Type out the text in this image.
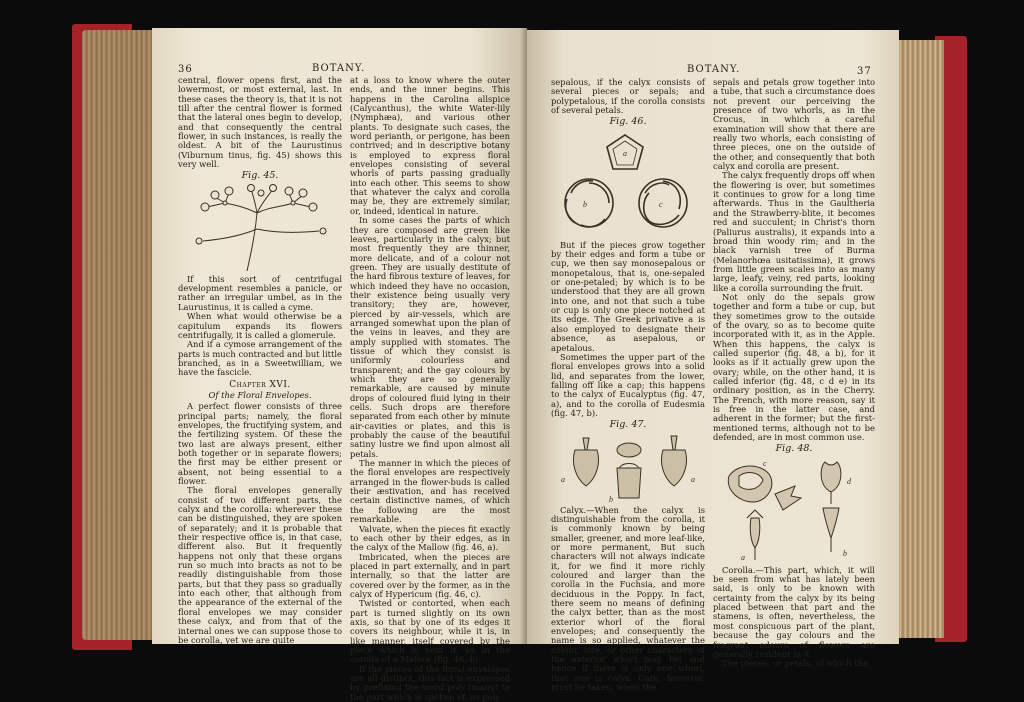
36	BOTANY.

central, flower opens first, and the lowermost, or most external, last. In these cases the theory is, that it is not till after the central flower is formed that the lateral ones begin to develop, and that consequently the central flower, in such instances, is really the oldest. A bit of the Laurustinus (Viburnum tinus, fig. 45) shows this very well.

Fig. 45.

If this sort of centrifugal development resembles a panicle, or rather an irregular umbel, as in the Laurustinus, it is called a cyme.

When what would otherwise be a capitulum expands its flowers centrifugally, it is called a glomerule.

And if a cymose arrangement of the parts is much contracted and but little branched, as in a Sweetwilliam, we have the fascicle.

Chapter XVI.
Of the Floral Envelopes.

A perfect flower consists of three principal parts; namely, the floral envelopes, the fructifying system, and the fertilizing system. Of these the two last are always present, either both together or in separate flowers; the first may be either present or absent, not being essential to a flower.

The floral envelopes generally consist of two different parts, the calyx and the corolla: wherever these can be distinguished, they are spoken of separately; and it is probable that their respective office is, in that case, different also. But it frequently happens not only that these organs run so much into bracts as not to be readily distinguishable from those parts, but that they pass so gradually into each other, that although from the appearance of the external of the floral envelopes we may consider these calyx, and from that of the internal ones we can suppose those to be corolla, yet we are quite

at a loss to know where the outer ends, and the inner begins. This happens in the Carolina allspice (Calycanthus), the white Water-lily (Nymphæa), and various other plants. To designate such cases, the word perianth, or perigone, has been contrived; and in descriptive botany is employed to express floral envelopes consisting of several whorls of parts passing gradually into each other. This seems to show that whatever the calyx and corolla may be, they are extremely similar, or, indeed, identical in nature.

In some cases the parts of which they are composed are green like leaves, particularly in the calyx; but most frequently they are thinner, more delicate, and of a colour not green. They are usually destitute of the hard fibrous texture of leaves, for which indeed they have no occasion, their existence being usually very transitory; they are, however, pierced by air-vessels, which are arranged somewhat upon the plan of the veins in leaves, and they are amply supplied with stomates. The tissue of which they consist is uniformly colourless and transparent; and the gay colours by which they are so generally remarkable, are caused by minute drops of coloured fluid lying in their cells. Such drops are therefore separated from each other by minute air-cavities or plates, and this is probably the cause of the beautiful satiny lustre we find upon almost all petals.

The manner in which the pieces of the floral envelopes are respectively arranged in the flower-buds is called their æstivation, and has received certain distinctive names, of which the following are the most remarkable.

Valvate, when the pieces fit exactly to each other by their edges, as in the calyx of the Mallow (fig. 46, a).

Imbricated, when the pieces are placed in part externally, and in part internally, so that the latter are covered over by the former, as in the calyx of Hypericum (fig. 46, c).

Twisted or contorted, when each part is turned slightly on its own axis, so that by one of its edges it covers its neighbour, while it is, in like manner, itself covered by the piece which is next it, as in the corolla of a Mallow (fig. 46, b).

If the pieces of the floral envelopes are all distinct, this fact is expressed by prefixing the word poly (many) to the part which is spoken of, as poly-

BOTANY.	37

sepalous, if the calyx consists of several pieces or sepals; and polypetalous, if the corolla consists of several petals.

Fig. 46.
a
b	c

But if the pieces grow together by their edges and form a tube or cup, we then say monosepalous or monopetalous, that is, one-sepaled or one-petaled; by which is to be understood that they are all grown into one, and not that such a tube or cup is only one piece notched at its edge. The Greek privative a is also employed to designate their absence, as asepalous, or apetalous.

Sometimes the upper part of the floral envelopes grows into a solid lid, and separates from the lower, falling off like a cap; this happens to the calyx of Eucalyptus (fig. 47, a), and to the corolla of Eudesmia (fig. 47, b).

Fig. 47.
a
b
a

Calyx.—When the calyx is distinguishable from the corolla, it is commonly known by being smaller, greener, and more leaf-like, or more permanent, But such characters will not always indicate it, for we find it more richly coloured and larger than the corolla in the Fuchsia, and more deciduous in the Poppy. In fact, there seem no means of defining the calyx better, than as the most exterior whorl of the floral envelopes; and consequently the name is so applied, whatever the colour, size, or other characters of the exterior whorl may be; and hence if there is only one whorl, that one is calyx. Care, however, must be taken, when the

sepals and petals grow together into a tube, that such a circumstance does not prevent our perceiving the presence of two whorls, as in the Crocus, in which a careful examination will show that there are really two whorls, each consisting of three pieces, one on the outside of the other, and consequently that both calyx and corolla are present.

The calyx frequently drops off when the flowering is over, but sometimes it continues to grow for a long time afterwards. Thus in the Gaultheria and the Strawberry-blite, it becomes red and succulent; in Christ's thorn (Paliurus australis), it expands into a broad thin woody rim; and in the black varnish tree of Burma (Melanorhœa usitatissima), it grows from little green scales into as many large, leafy, veiny, red parts, looking like a corolla surrounding the fruit.

Not only do the sepals grow together and form a tube or cup, but they sometimes grow to the outside of the ovary, so as to become quite incorporated with it, as in the Apple. When this happens, the calyx is called superior (fig. 48, a b), for it looks as if it actually grew upon the ovary; while, on the other hand, it is called inferior (fig. 48, c d e) in its ordinary position, as in the Cherry. The French, with more reason, say it is free in the latter case, and adherent in the former; but the first-mentioned terms, although not to be defended, are in most common use.

Fig. 48.
c
d
a	b

Corolla.—This part, which, it will be seen from what has lately been said, is only to be known with certainty from the calyx by its being placed between that part and the stamens, is often, nevertheless, the most conspicuous part of the plant, because the gay colours and the fragrant odours of flowers are generally resident in it.

The pieces, or petals, of which the
